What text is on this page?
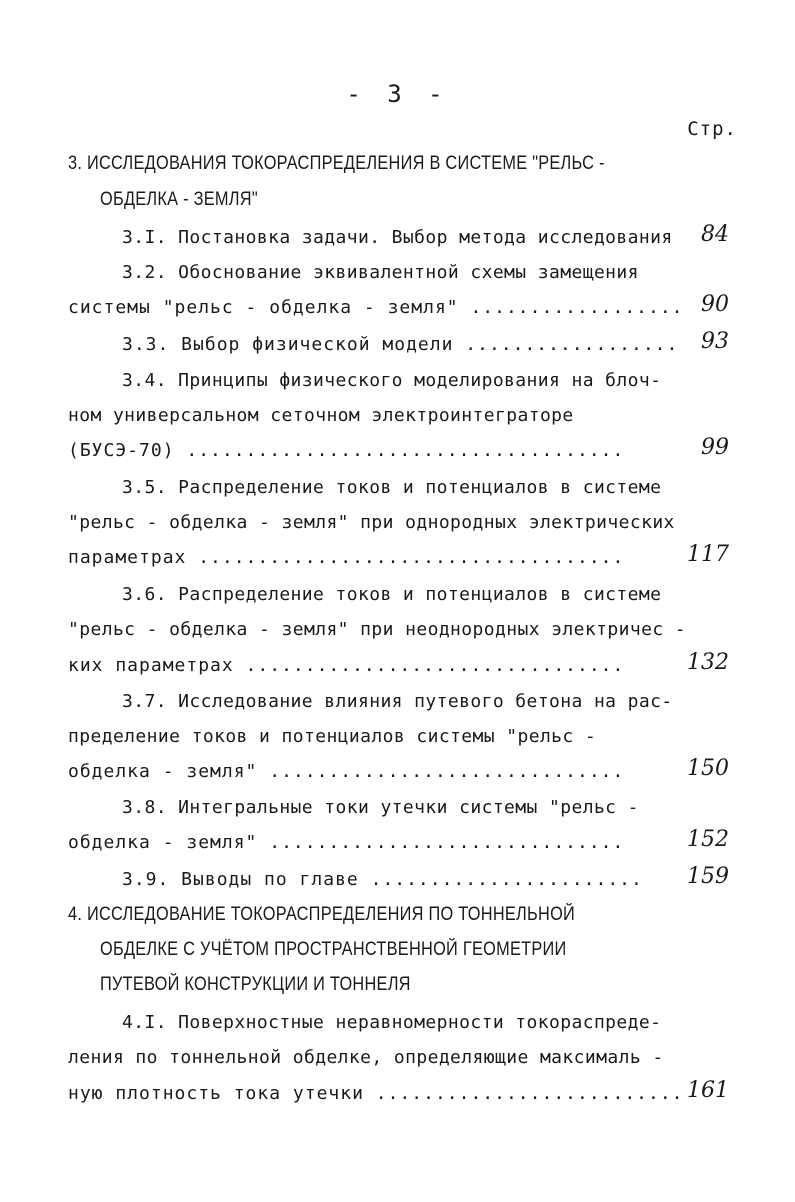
- 3 -
Стр.
3. ИССЛЕДОВАНИЯ ТОКОРАСПРЕДЕЛЕНИЯ В СИСТЕМЕ "РЕЛЬС -
ОБДЕЛКА - ЗЕМЛЯ"
3.I. Постановка задачи. Выбор метода исследования 84
3.2. Обоснование эквивалентной схемы замещения
системы "рельс - обделка - земля" .................. 90
3.3. Выбор физической модели .................. 93
3.4. Принципы физического моделирования на блоч-
ном универсальном сеточном электроинтеграторе
(БУСЭ-70) .....................................	99
3.5. Распределение токов и потенциалов в системе
"рельс - обделка - земля" при однородных электрических
параметрах ....................................	117
3.6. Распределение токов и потенциалов в системе
"рельс - обделка - земля" при неоднородных электричес -
ких параметрах ................................	132
3.7. Исследование влияния путевого бетона на рас-
пределение токов и потенциалов системы "рельс -
обделка - земля" ..............................	150
3.8. Интегральные токи утечки системы "рельс -
обделка - земля" ..............................	152
3.9. Выводы по главе ....................... 159
4. ИССЛЕДОВАНИЕ ТОКОРАСПРЕДЕЛЕНИЯ ПО ТОННЕЛЬНОЙ
ОБДЕЛКЕ С УЧЁТОМ ПРОСТРАНСТВЕННОЙ ГЕОМЕТРИИ
ПУТЕВОЙ КОНСТРУКЦИИ И ТОННЕЛЯ
4.I. Поверхностные неравномерности токораспреде-
ления по тоннельной обделке, определяющие максималь -
ную плотность тока утечки .......................... 161
